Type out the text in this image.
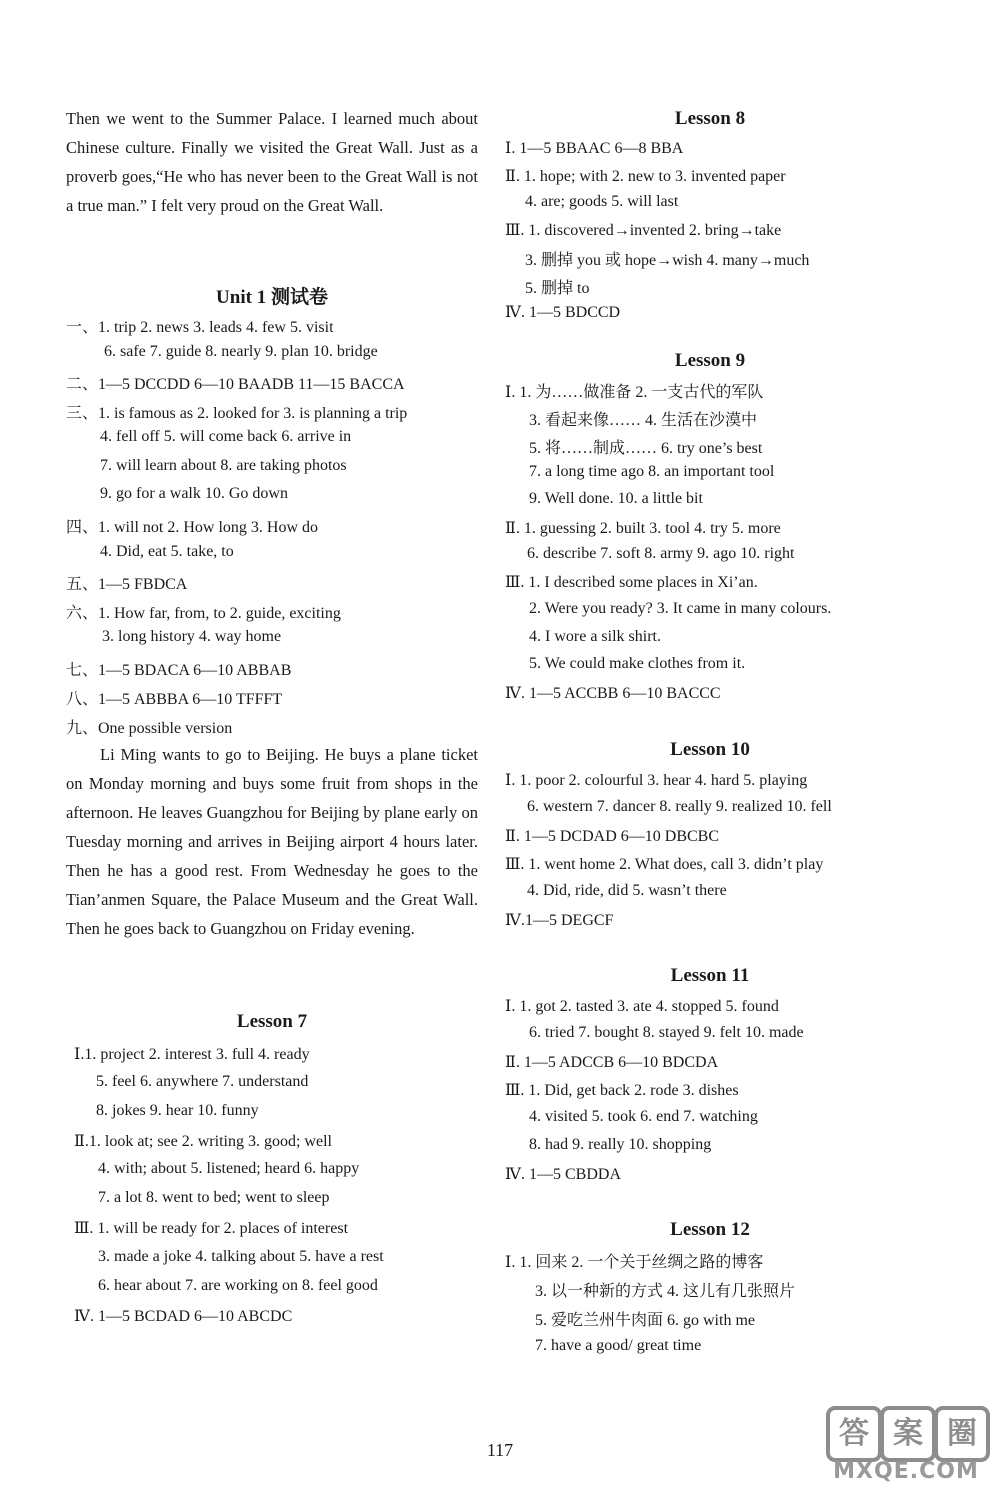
Then we went to the Summer Palace. I learned much about Chinese culture. Finally we visited the Great Wall. Just as a proverb goes,“He who has never been to the Great Wall is not a true man.” I felt very proud on the Great Wall.
Unit 1 测试卷
一、1. trip 2. news 3. leads 4. few 5. visit
6. safe 7. guide 8. nearly 9. plan 10. bridge
二、1—5 DCCDD 6—10 BAADB 11—15 BACCA
三、1. is famous as 2. looked for 3. is planning a trip
4. fell off 5. will come back 6. arrive in
7. will learn about 8. are taking photos
9. go for a walk 10. Go down
四、1. will not 2. How long 3. How do
4. Did, eat 5. take, to
五、1—5 FBDCA
六、1. How far, from, to 2. guide, exciting
3. long history 4. way home
七、1—5 BDACA 6—10 ABBAB
八、1—5 ABBBA 6—10 TFFFT
九、One possible version
Li Ming wants to go to Beijing. He buys a plane ticket on Monday morning and buys some fruit from shops in the afternoon. He leaves Guangzhou for Beijing by plane early on Tuesday morning and arrives in Beijing airport 4 hours later. Then he has a good rest. From Wednesday he goes to the Tian’anmen Square, the Palace Museum and the Great Wall. Then he goes back to Guangzhou on Friday evening.
Lesson 7
Ⅰ.1. project 2. interest 3. full 4. ready
5. feel 6. anywhere 7. understand
8. jokes 9. hear 10. funny
Ⅱ.1. look at; see 2. writing 3. good; well
4. with; about 5. listened; heard 6. happy
7. a lot 8. went to bed; went to sleep
Ⅲ. 1. will be ready for 2. places of interest
3. made a joke 4. talking about 5. have a rest
6. hear about 7. are working on 8. feel good
Ⅳ. 1—5 BCDAD 6—10 ABCDC
Lesson 8
Ⅰ. 1—5 BBAAC 6—8 BBA
Ⅱ. 1. hope; with 2. new to 3. invented paper
4. are; goods 5. will last
Ⅲ. 1. discovered→invented 2. bring→take
3. 删掉 you 或 hope→wish 4. many→much
5. 删掉 to
Ⅳ. 1—5 BDCCD
Lesson 9
Ⅰ. 1. 为……做准备 2. 一支古代的军队
3. 看起来像…… 4. 生活在沙漠中
5. 将……制成…… 6. try one’s best
7. a long time ago 8. an important tool
9. Well done. 10. a little bit
Ⅱ. 1. guessing 2. built 3. tool 4. try 5. more
6. describe 7. soft 8. army 9. ago 10. right
Ⅲ. 1. I described some places in Xi’an.
2. Were you ready? 3. It came in many colours.
4. I wore a silk shirt.
5. We could make clothes from it.
Ⅳ. 1—5 ACCBB 6—10 BACCC
Lesson 10
Ⅰ. 1. poor 2. colourful 3. hear 4. hard 5. playing
6. western 7. dancer 8. really 9. realized 10. fell
Ⅱ. 1—5 DCDAD 6—10 DBCBC
Ⅲ. 1. went home 2. What does, call 3. didn’t play
4. Did, ride, did 5. wasn’t there
Ⅳ.1—5 DEGCF
Lesson 11
Ⅰ. 1. got 2. tasted 3. ate 4. stopped 5. found
6. tried 7. bought 8. stayed 9. felt 10. made
Ⅱ. 1—5 ADCCB 6—10 BDCDA
Ⅲ. 1. Did, get back 2. rode 3. dishes
4. visited 5. took 6. end 7. watching
8. had 9. really 10. shopping
Ⅳ. 1—5 CBDDA
Lesson 12
Ⅰ. 1. 回来 2. 一个关于丝绸之路的博客
3. 以一种新的方式 4. 这儿有几张照片
5. 爱吃兰州牛肉面 6. go with me
7. have a good/ great time
117	答 案 圈
MXQE.COM
